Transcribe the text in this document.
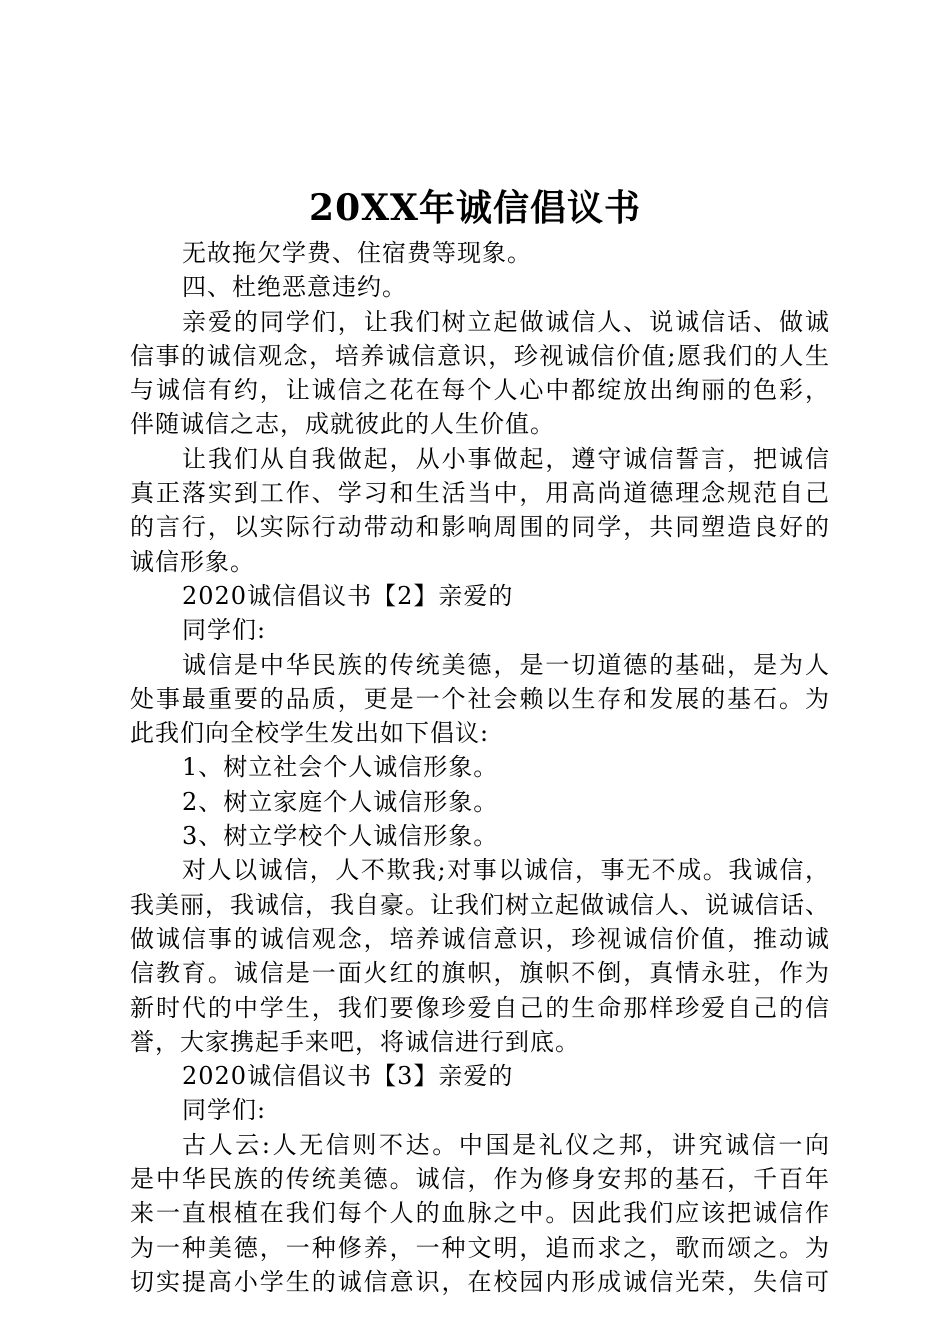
20XX年诚信倡议书
无故拖欠学费、住宿费等现象。
四、杜绝恶意违约。
亲爱的同学们，让我们树立起做诚信人、说诚信话、做诚
信事的诚信观念，培养诚信意识，珍视诚信价值;愿我们的人生
与诚信有约，让诚信之花在每个人心中都绽放出绚丽的色彩，
伴随诚信之志，成就彼此的人生价值。
让我们从自我做起，从小事做起，遵守诚信誓言，把诚信
真正落实到工作、学习和生活当中，用高尚道德理念规范自己
的言行，以实际行动带动和影响周围的同学，共同塑造良好的
诚信形象。
2020诚信倡议书【2】亲爱的
同学们:
诚信是中华民族的传统美德，是一切道德的基础，是为人
处事最重要的品质，更是一个社会赖以生存和发展的基石。为
此我们向全校学生发出如下倡议:
1、树立社会个人诚信形象。
2、树立家庭个人诚信形象。
3、树立学校个人诚信形象。
对人以诚信，人不欺我;对事以诚信，事无不成。我诚信，
我美丽，我诚信，我自豪。让我们树立起做诚信人、说诚信话、
做诚信事的诚信观念，培养诚信意识，珍视诚信价值，推动诚
信教育。诚信是一面火红的旗帜，旗帜不倒，真情永驻，作为
新时代的中学生，我们要像珍爱自己的生命那样珍爱自己的信
誉，大家携起手来吧，将诚信进行到底。
2020诚信倡议书【3】亲爱的
同学们:
古人云:人无信则不达。中国是礼仪之邦，讲究诚信一向
是中华民族的传统美德。诚信，作为修身安邦的基石，千百年
来一直根植在我们每个人的血脉之中。因此我们应该把诚信作
为一种美德，一种修养，一种文明，追而求之，歌而颂之。为
切实提高小学生的诚信意识，在校园内形成诚信光荣，失信可
